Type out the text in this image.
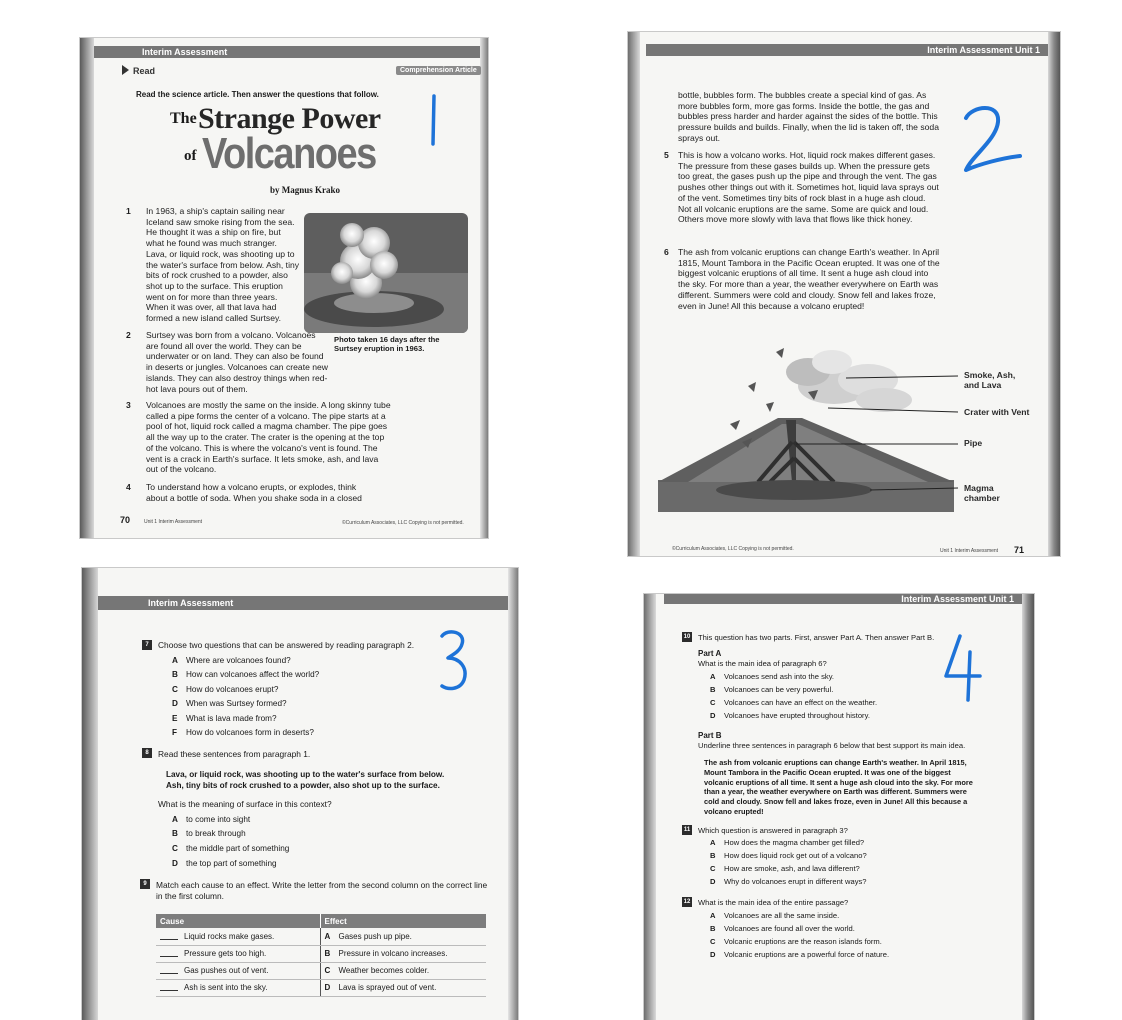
Interim Assessment
Read	Comprehension Article
Read the science article. Then answer the questions that follow.
The Strange Power
of Volcanoes
by Magnus Krako
Photo taken 16 days after the Surtsey eruption in 1963.
1 In 1963, a ship's captain sailing near Iceland saw smoke rising from the sea. He thought it was a ship on fire, but what he found was much stranger. Lava, or liquid rock, was shooting up to the water's surface from below. Ash, tiny bits of rock crushed to a powder, also shot up to the surface. This eruption went on for more than three years. When it was over, all that lava had formed a new island called Surtsey.
2 Surtsey was born from a volcano. Volcanoes are found all over the world. They can be underwater or on land. They can also be found in deserts or jungles. Volcanoes can create new islands. They can also destroy things when red-hot lava pours out of them.
3 Volcanoes are mostly the same on the inside. A long skinny tube called a pipe forms the center of a volcano. The pipe starts at a pool of hot, liquid rock called a magma chamber. The pipe goes all the way up to the crater. The crater is the opening at the top of the volcano. This is where the volcano's vent is found. The vent is a crack in Earth's surface. It lets smoke, ash, and lava out of the volcano.
4 To understand how a volcano erupts, or explodes, think about a bottle of soda. When you shake soda in a closed
70	Unit 1 Interim Assessment	©Curriculum Associates, LLC Copying is not permitted.
Interim Assessment Unit 1
bottle, bubbles form. The bubbles create a special kind of gas. As more bubbles form, more gas forms. Inside the bottle, the gas and bubbles press harder and harder against the sides of the bottle. This pressure builds and builds. Finally, when the lid is taken off, the soda sprays out.
5 This is how a volcano works. Hot, liquid rock makes different gases. The pressure from these gases builds up. When the pressure gets too great, the gases push up the pipe and through the vent. The gas pushes other things out with it. Sometimes hot, liquid lava sprays out of the vent. Sometimes tiny bits of rock blast in a huge ash cloud. Not all volcanic eruptions are the same. Some are quick and loud. Others move more slowly with lava that flows like thick honey.
6 The ash from volcanic eruptions can change Earth's weather. In April 1815, Mount Tambora in the Pacific Ocean erupted. It was one of the biggest volcanic eruptions of all time. It sent a huge ash cloud into the sky. For more than a year, the weather everywhere on Earth was different. Summers were cold and cloudy. Snow fell and lakes froze, even in June! All this because a volcano erupted!
Smoke, Ash, and Lava
Crater with Vent
Pipe
Magma chamber
©Curriculum Associates, LLC Copying is not permitted.	Unit 1 Interim Assessment 71
Interim Assessment
7	Choose two questions that can be answered by reading paragraph 2.
A Where are volcanoes found?
B How can volcanoes affect the world?
C How do volcanoes erupt?
D When was Surtsey formed?
E What is lava made from?
F How do volcanoes form in deserts?
8	Read these sentences from paragraph 1.
Lava, or liquid rock, was shooting up to the water's surface from below. Ash, tiny bits of rock crushed to a powder, also shot up to the surface.
What is the meaning of surface in this context?
A to come into sight
B to break through
C the middle part of something
D the top part of something
9	Match each cause to an effect. Write the letter from the second column on the correct line in the first column.
Cause	Effect
Liquid rocks make gases.	A Gases push up pipe.
Pressure gets too high.	B Pressure in volcano increases.
Gas pushes out of vent.	C Weather becomes colder.
Ash is sent into the sky.	D Lava is sprayed out of vent.
Interim Assessment Unit 1
10 This question has two parts. First, answer Part A. Then answer Part B.
Part A
What is the main idea of paragraph 6?
A Volcanoes send ash into the sky.
B Volcanoes can be very powerful.
C Volcanoes can have an effect on the weather.
D Volcanoes have erupted throughout history.
Part B
Underline three sentences in paragraph 6 below that best support its main idea.
The ash from volcanic eruptions can change Earth's weather. In April 1815, Mount Tambora in the Pacific Ocean erupted. It was one of the biggest volcanic eruptions of all time. It sent a huge ash cloud into the sky. For more than a year, the weather everywhere on Earth was different. Summers were cold and cloudy. Snow fell and lakes froze, even in June! All this because a volcano erupted!
11 Which question is answered in paragraph 3?
A How does the magma chamber get filled?
B How does liquid rock get out of a volcano?
C How are smoke, ash, and lava different?
D Why do volcanoes erupt in different ways?
12 What is the main idea of the entire passage?
A Volcanoes are all the same inside.
B Volcanoes are found all over the world.
C Volcanic eruptions are the reason islands form.
D Volcanic eruptions are a powerful force of nature.
